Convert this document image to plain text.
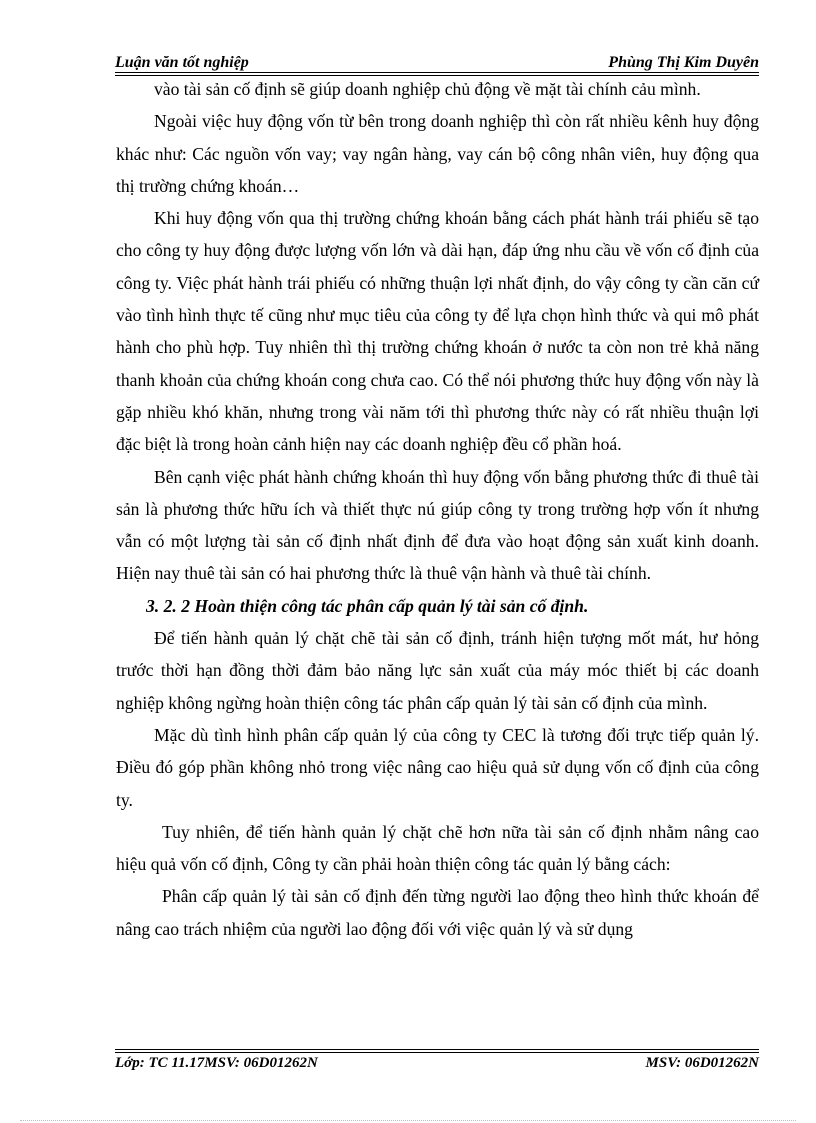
Luận văn tốt nghiệp	Phùng Thị Kim Duyên

vào tài sản cố định sẽ giúp doanh nghiệp chủ động về mặt tài chính cảu mình.

Ngoài việc huy động vốn từ bên trong doanh nghiệp thì còn rất nhiều kênh huy động khác như: Các nguồn vốn vay; vay ngân hàng, vay cán bộ công nhân viên, huy động qua thị trường chứng khoán…

Khi huy động vốn qua thị trường chứng khoán bằng cách phát hành trái phiếu sẽ tạo cho công ty huy động được lượng vốn lớn và dài hạn, đáp ứng nhu cầu về vốn cố định của công ty. Việc phát hành trái phiếu có những thuận lợi nhất định, do vậy công ty cần căn cứ vào tình hình thực tế cũng như mục tiêu của công ty để lựa chọn hình thức và qui mô phát hành cho phù hợp. Tuy nhiên thì thị trường chứng khoán ở nước ta còn non trẻ khả năng thanh khoản của chứng khoán cong chưa cao. Có thể nói phương thức huy động vốn này là gặp nhiều khó khăn, nhưng trong vài năm tới thì phương thức này có rất nhiều thuận lợi đặc biệt là trong hoàn cảnh hiện nay các doanh nghiệp đều cổ phần hoá.

Bên cạnh việc phát hành chứng khoán thì huy động vốn bằng phương thức đi thuê tài sản là phương thức hữu ích và thiết thực nú giúp công ty trong trường hợp vốn ít nhưng vẫn có một lượng tài sản cố định nhất định để đưa vào hoạt động sản xuất kinh doanh. Hiện nay thuê tài sản có hai phương thức là thuê vận hành và thuê tài chính.

3. 2. 2 Hoàn thiện công tác phân cấp quản lý tài sản cố định.

Để tiến hành quản lý chặt chẽ tài sản cố định, tránh hiện tượng mốt mát, hư hỏng trước thời hạn đồng thời đảm bảo năng lực sản xuất của máy móc thiết bị các doanh nghiệp không ngừng hoàn thiện công tác phân cấp quản lý tài sản cố định của mình.

Mặc dù tình hình phân cấp quản lý của công ty CEC là tương đối trực tiếp quản lý. Điều đó góp phần không nhỏ trong việc nâng cao hiệu quả sử dụng vốn cố định của công ty.

Tuy nhiên, để tiến hành quản lý chặt chẽ hơn nữa tài sản cố định nhằm nâng cao hiệu quả vốn cố định, Công ty cần phải hoàn thiện công tác quản lý bằng cách:

Phân cấp quản lý tài sản cố định đến từng người lao động theo hình thức khoán để nâng cao trách nhiệm của người lao động đối với việc quản lý và sử dụng

Lớp: TC 11.17MSV: 06D01262N	MSV: 06D01262N
